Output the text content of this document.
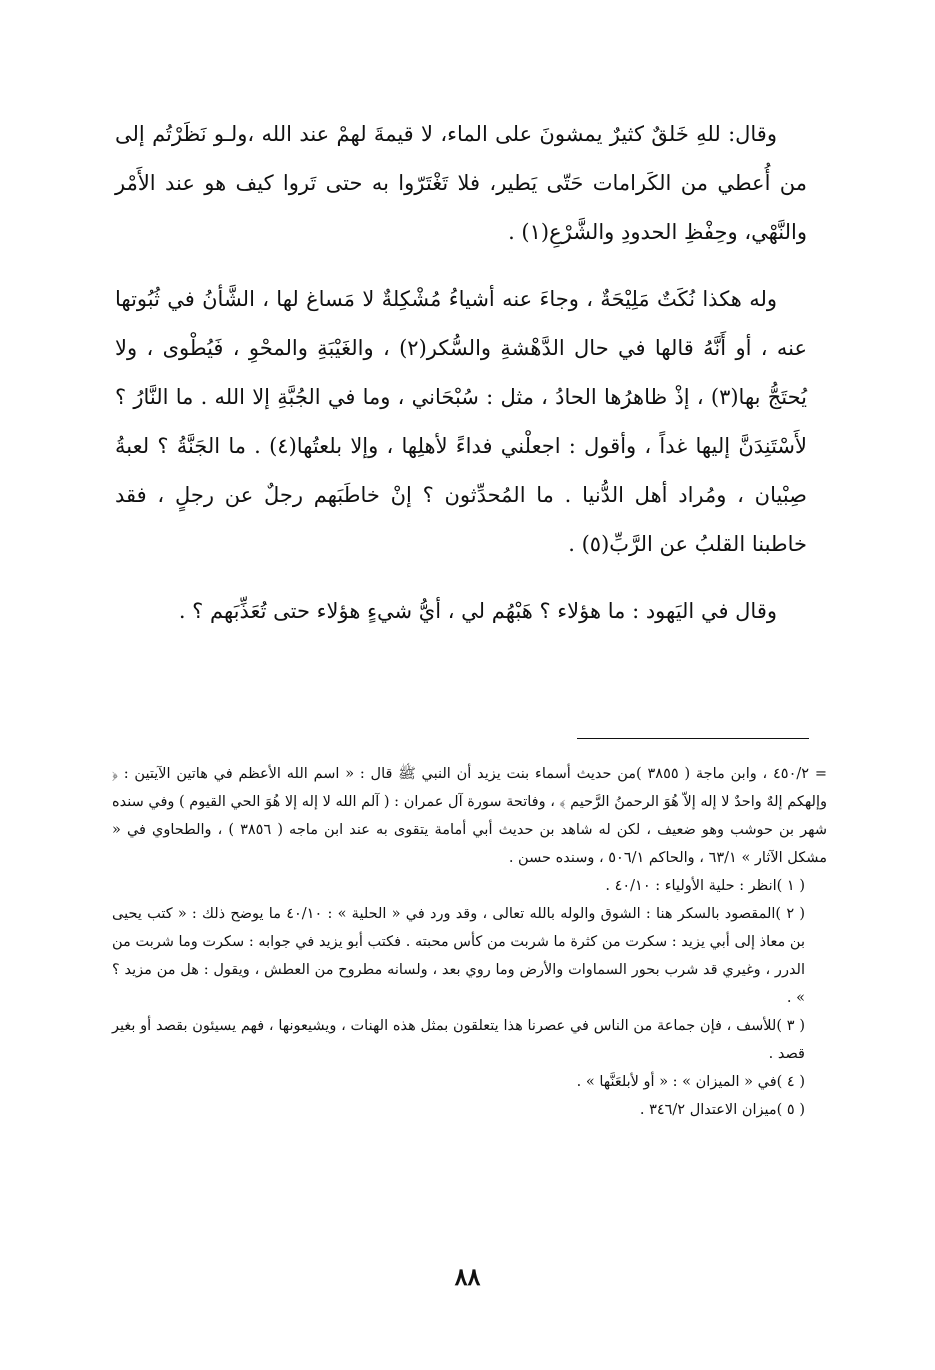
وقال: للهِ خَلقٌ كثيرٌ يمشونَ على الماء، لا قيمةَ لهمْ عند الله ،ولـو نَظَرْتُم إلى من أُعطي من الكَرامات حَتّى يَطير، فلا تَغْتَرّوا به حتى تَروا كيف هو عند الأَمْر والنَّهْي، وحِفْظِ الحدودِ والشَّرْعِ(١) .

وله هكذا نُكَتٌ مَلِيْحَةٌ ، وجاءَ عنه أشياءُ مُشْكِلةٌ لا مَساغ لها ، الشَّأنُ في ثُبُوتها عنه ، أو أَنَّهُ قالها في حال الدَّهْشةِ والسُّكر(٢) ، والغَيْبَةِ والمحْوِ ، فَيُطْوى ، ولا يُحتَجُّ بها(٣) ، إذْ ظاهرُها الحادُ ، مثل : سُبْحَاني ، وما في الجُبَّةِ إلا الله . ما النَّارُ ؟ لأَسْتَنِدَنَّ إليها غداً ، وأقول : اجعلْني فداءً لأهلِها ، وإلا بلعتُها(٤) . ما الجَنَّةُ ؟ لعبةُ صِبْيان ، ومُراد أهل الدُّنيا . ما المُحدِّثون ؟ إنْ خاطَبَهم رجلٌ عن رجلٍ ، فقد خاطبنا القلبُ عن الرَّبِّ(٥) .

وقال في اليَهود : ما هؤلاء ؟ هَبْهُم لي ، أيُّ شيءٍ هؤلاء حتى تُعَذِّبَهم ؟ .

= ٤٥٠/٢ ، وابن ماجة ( ٣٨٥٥ )من حديث أسماء بنت يزيد أن النبي ﷺ قال : « اسم الله الأعظم في هاتين الآيتين : ﴿ وإلهكم إلهٌ واحدٌ لا إله إلاّ هُوَ الرحمنُ الرَّحيم ﴾ ، وفاتحة سورة آل عمران : ( آلم الله لا إله إلا هُوَ الحي القيوم ) وفي سنده شهر بن حوشب وهو ضعيف ، لكن له شاهد بن حديث أبي أمامة يتقوى به عند ابن ماجه ( ٣٨٥٦ ) ، والطحاوي في « مشكل الآثار » ٦٣/١ ، والحاكم ٥٠٦/١ ، وسنده حسن .

( ١ )انظر : حلية الأولياء : ٤٠/١٠ .

( ٢ )المقصود بالسكر هنا : الشوق والوله بالله تعالى ، وقد ورد في « الحلية » : ٤٠/١٠ ما يوضح ذلك : « كتب يحيى بن معاذ إلى أبي يزيد : سكرت من كثرة ما شربت من كأس محبته . فكتب أبو يزيد في جوابه : سكرت وما شربت من الدرر ، وغيري قد شرب بحور السماوات والأرض وما روي بعد ، ولسانه مطروح من العطش ، ويقول : هل من مزيد ؟ » .

( ٣ )للأسف ، فإن جماعة من الناس في عصرنا هذا يتعلقون بمثل هذه الهنات ، ويشيعونها ، فهم يسيئون بقصد أو بغير قصد .

( ٤ )في « الميزان » : « أو لأبلعَنَّها » .

( ٥ )ميزان الاعتدال ٣٤٦/٢ .

٨٨
